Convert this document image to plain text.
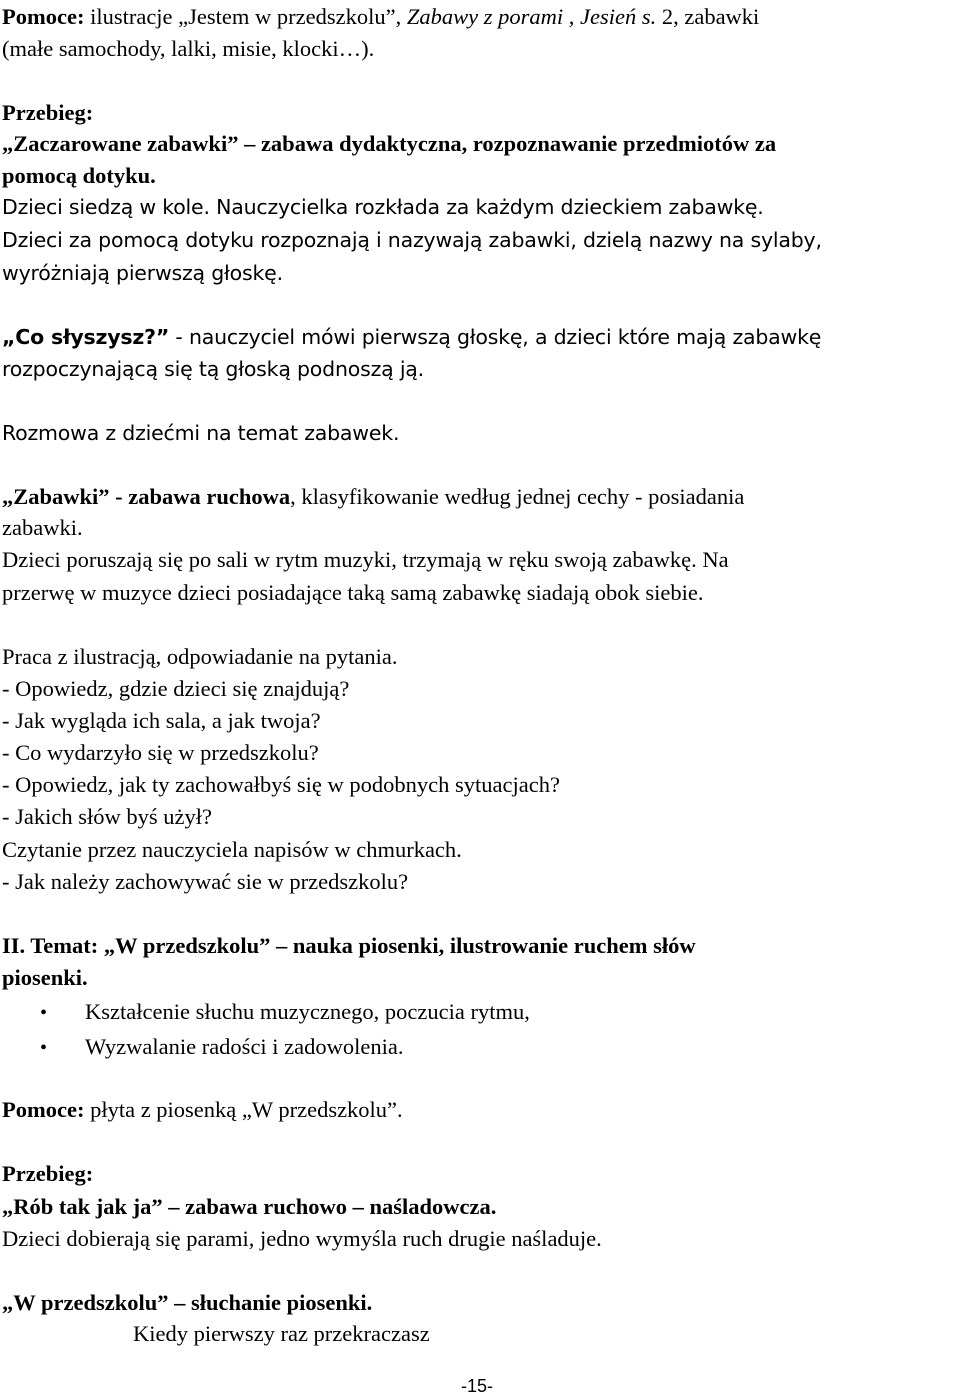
Pomoce: ilustracje „Jestem w przedszkolu”, Zabawy z porami , Jesień s. 2, zabawki
(małe samochody, lalki, misie, klocki…).
Przebieg:
„Zaczarowane zabawki” – zabawa dydaktyczna, rozpoznawanie przedmiotów za
pomocą dotyku.
Dzieci siedzą w kole. Nauczycielka rozkłada za każdym dzieckiem zabawkę.
Dzieci za pomocą dotyku rozpoznają i nazywają zabawki, dzielą nazwy na sylaby,
wyróżniają pierwszą głoskę.
„Co słyszysz?” - nauczyciel mówi pierwszą głoskę, a dzieci które mają zabawkę
rozpoczynającą się tą głoską podnoszą ją.
Rozmowa z dziećmi na temat zabawek.
„Zabawki” - zabawa ruchowa, klasyfikowanie według jednej cechy - posiadania
zabawki.
Dzieci poruszają się po sali w rytm muzyki, trzymają w ręku swoją zabawkę. Na
przerwę w muzyce dzieci posiadające taką samą zabawkę siadają obok siebie.
Praca z ilustracją, odpowiadanie na pytania.
- Opowiedz, gdzie dzieci się znajdują?
- Jak wygląda ich sala, a jak twoja?
- Co wydarzyło się w przedszkolu?
- Opowiedz, jak ty zachowałbyś się w podobnych sytuacjach?
- Jakich słów byś użył?
Czytanie przez nauczyciela napisów w chmurkach.
- Jak należy zachowywać sie w przedszkolu?
II. Temat: „W przedszkolu” – nauka piosenki, ilustrowanie ruchem słów
piosenki.
• Kształcenie słuchu muzycznego, poczucia rytmu,
• Wyzwalanie radości i zadowolenia.
Pomoce: płyta z piosenką „W przedszkolu”.
Przebieg:
„Rób tak jak ja” – zabawa ruchowo – naśladowcza.
Dzieci dobierają się parami, jedno wymyśla ruch drugie naśladuje.
„W przedszkolu” – słuchanie piosenki.
Kiedy pierwszy raz przekraczasz
-15-
